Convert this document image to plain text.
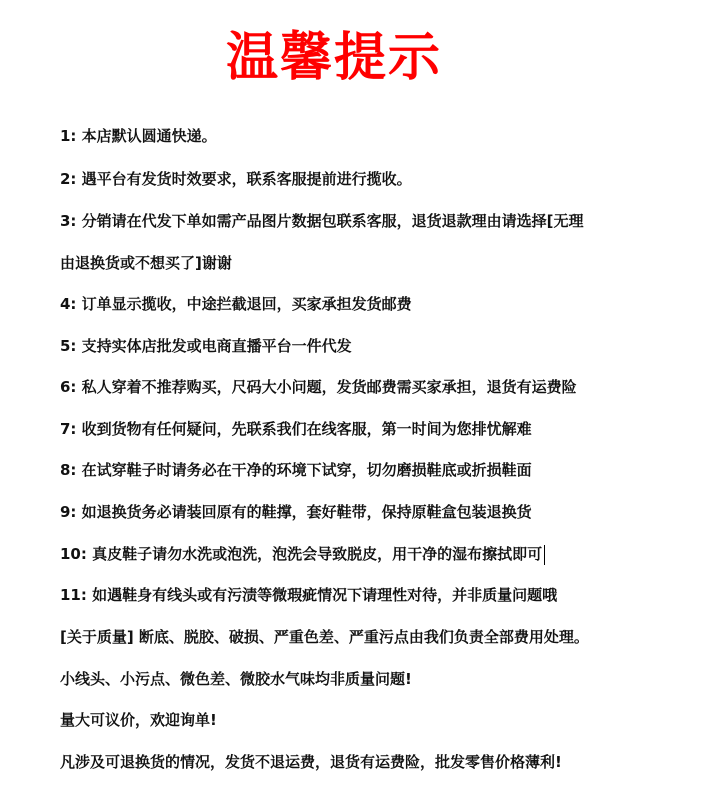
温馨提示
1: 本店默认圆通快递。
2: 遇平台有发货时效要求，联系客服提前进行揽收。
3: 分销请在代发下单如需产品图片数据包联系客服，退货退款理由请选择[无理
由退换货或不想买了]谢谢
4: 订单显示揽收，中途拦截退回，买家承担发货邮费
5: 支持实体店批发或电商直播平台一件代发
6: 私人穿着不推荐购买，尺码大小问题，发货邮费需买家承担，退货有运费险
7: 收到货物有任何疑问，先联系我们在线客服，第一时间为您排忧解难
8: 在试穿鞋子时请务必在干净的环境下试穿，切勿磨损鞋底或折损鞋面
9: 如退换货务必请装回原有的鞋撑，套好鞋带，保持原鞋盒包装退换货
10: 真皮鞋子请勿水洗或泡洗，泡洗会导致脱皮，用干净的湿布擦拭即可
11: 如遇鞋身有线头或有污渍等微瑕疵情况下请理性对待，并非质量问题哦
[关于质量] 断底、脱胶、破损、严重色差、严重污点由我们负责全部费用处理。
小线头、小污点、微色差、微胶水气味均非质量问题!
量大可议价，欢迎询单!
凡涉及可退换货的情况，发货不退运费，退货有运费险，批发零售价格薄利!
